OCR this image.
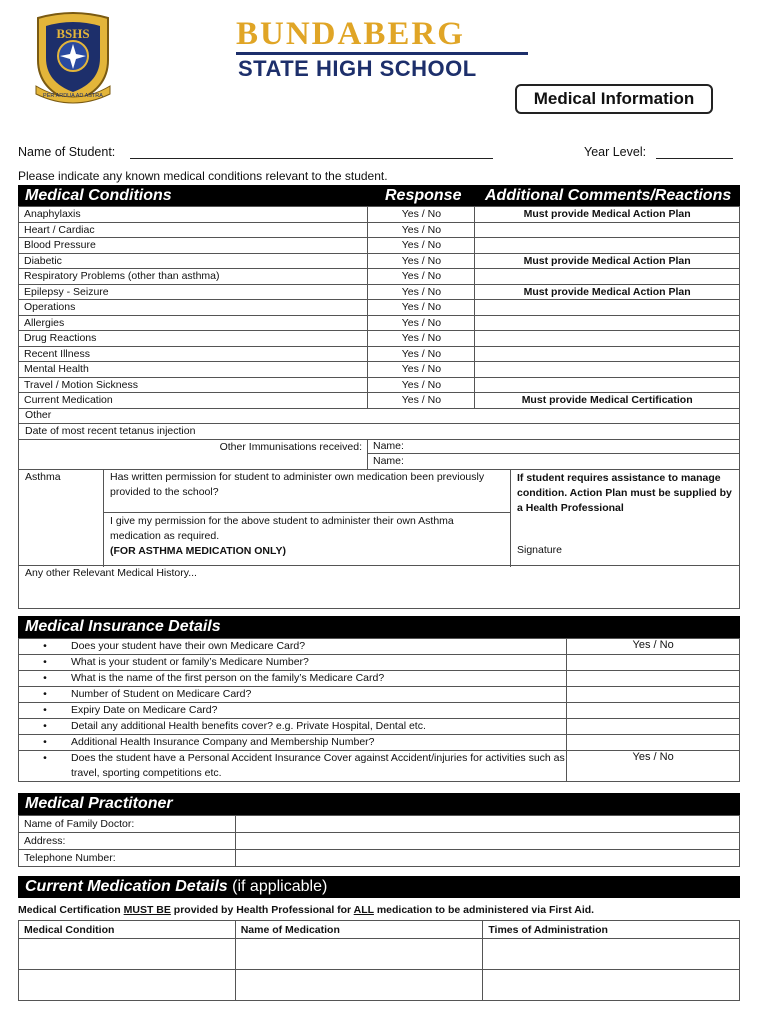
BSHS
PER ARDUA AD ASTRA
BUNDABERG
STATE HIGH SCHOOL
Medical Information
Name of Student:	Year Level:
Please indicate any known medical conditions relevant to the student.
Medical Conditions	Response Additional Comments/Reactions
Anaphylaxis	Yes / No	Must provide Medical Action Plan
Heart / Cardiac	Yes / No	
Blood Pressure	Yes / No	
Diabetic	Yes / No	Must provide Medical Action Plan
Respiratory Problems (other than asthma)	Yes / No	
Epilepsy - Seizure	Yes / No	Must provide Medical Action Plan
Operations	Yes / No	
Allergies	Yes / No	
Drug Reactions	Yes / No	
Recent Illness	Yes / No	
Mental Health	Yes / No	
Travel / Motion Sickness	Yes / No	
Current Medication	Yes / No	Must provide Medical Certification
Other
Date of most recent tetanus injection
Other Immunisations received:	Name:
Name:
Asthma	Has written permission for student to administer own medication been previously provided to the school?
I give my permission for the above student to administer their own Asthma medication as required.
(FOR ASTHMA MEDICATION ONLY)
If student requires assistance to manage condition. Action Plan must be supplied by a Health Professional
Signature
Any other Relevant Medical History...
Medical Insurance Details
• Does your student have their own Medicare Card?	Yes / No

• What is your student or family’s Medicare Number?	

• What is the name of the first person on the family’s Medicare Card?	

• Number of Student on Medicare Card?	

• Expiry Date on Medicare Card?	

• Detail any additional Health benefits cover? e.g. Private Hospital, Dental etc.	

• Additional Health Insurance Company and Membership Number?	

• Does the student have a Personal Accident Insurance Cover against Accident/injuries for activities such as travel, sporting competitions etc.	Yes / No
Medical Practitoner
Name of Family Doctor:	
Address:	
Telephone Number:	
Current Medication Details (if applicable)
Medical Certification MUST BE provided by Health Professional for ALL medication to be administered via First Aid.
Medical Condition	Name of Medication	Times of Administration
